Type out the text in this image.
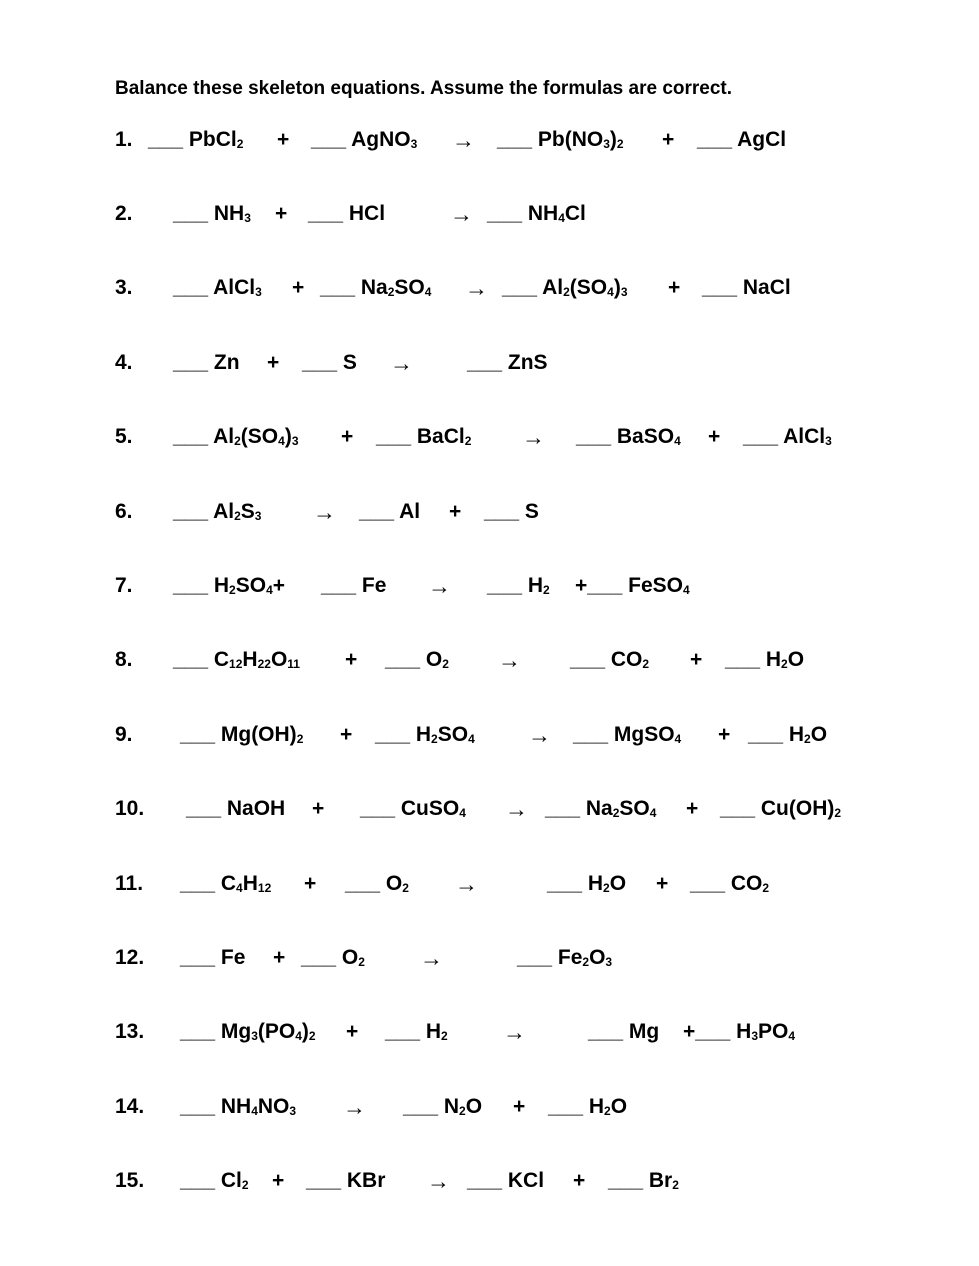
Balance these skeleton equations. Assume the formulas are correct.
1. ___ PbCl$_2$ + ___ AgNO$_3$ → ___ $Pb(NO_3)_2$ + ___ AgCl
2. ___ $NH_3$ + ___ HCl	→ ___ $NH_4Cl$
3. ___ AlCl$_3$ + ___ $Na_2SO_4$ → ___ $Al_2(SO_4)_3$ + ___ NaCl
4. ___ Zn + ___ S →	___ ZnS
5. ___ $Al_2(SO_4)_3$ + ___ BaCl$_2$ → ___ BaSO$_4$ + ___ AlCl$_3$
6. ___ $Al_2S_3$ → ___ Al + ___ S
7. ___ $H_2SO_4+$ ___ Fe → ___ $H_2$ +___ FeSO$_4$
8. ___ $C_{12}H_{22}O_{11}$ + ___ $O_2$ → ___ $CO_2$ + ___ $H_2O$
9. ___ $Mg(OH)_2$ + ___ $H_2SO_4$ → ___ MgSO$_4$ + ___ $H_2O$
10. ___ NaOH + ___ CuSO$_4$ → ___ $Na_2SO_4$ + ___ $Cu(OH)_2$
11. ___ $C_4H_{12}$ + ___ $O_2$ →	___ $H_2O$ + ___ $CO_2$
12. ___ Fe + ___ $O_2$ →	___ $Fe_2O_3$
13. ___ $Mg_3(PO_4)_2$ + ___ $H_2$ →	___ Mg +___ $H_3PO_4$
14. ___ $NH_4NO_3$ → ___ $N_2O$ + ___ $H_2O$
15. ___ $Cl_2$ + ___ KBr → ___ KCl + ___ $Br_2$
